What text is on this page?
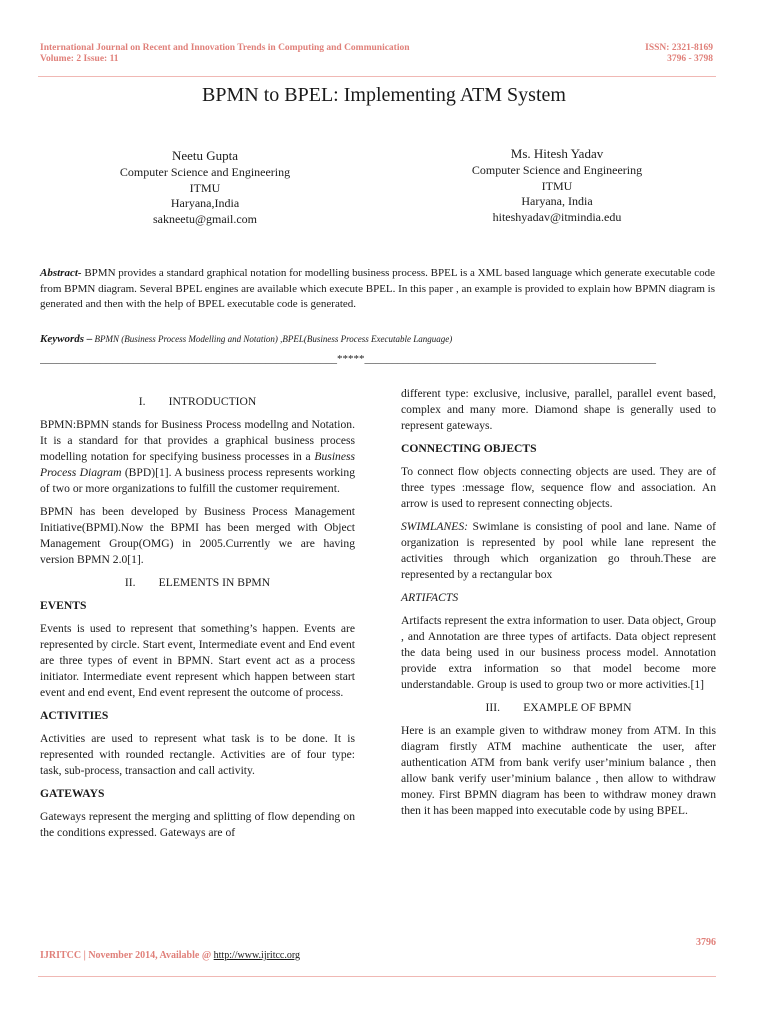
International Journal on Recent and Innovation Trends in Computing and Communication
Volume: 2 Issue: 11
ISSN: 2321-8169
3796 - 3798
BPMN to BPEL: Implementing ATM System
Neetu Gupta
Computer Science and Engineering
ITMU
Haryana,India
sakneetu@gmail.com
Ms. Hitesh Yadav
Computer Science and Engineering
ITMU
Haryana, India
hiteshyadav@itmindia.edu
Abstract- BPMN provides a standard graphical notation for modelling business process. BPEL is a XML based language which generate executable code from BPMN diagram. Several BPEL engines are available which execute BPEL. In this paper , an example is provided to explain how BPMN diagram is generated and then with the help of BPEL executable code is generated.
Keywords – BPMN (Business Process Modelling and Notation) ,BPEL(Business Process Executable Language)
______________________________________________________*****_____________________________________________________
I.        INTRODUCTION

BPMN:BPMN stands for Business Process modellng and Notation. It is a standard for that provides a graphical business process modelling notation for specifying business processes in a Business Process Diagram (BPD)[1]. A business process represents working of two or more organizations to fulfill the customer requirement.

BPMN has been developed by Business Process Management Initiative(BPMI).Now the BPMI has been merged with Object Management Group(OMG) in 2005.Currently we are having version BPMN 2.0[1].

II.        ELEMENTS IN BPMN
EVENTS

Events is used to represent that something’s happen. Events are represented by circle. Start event, Intermediate event and End event are three types of event in BPMN. Start event act as a process initiator. Intermediate event represent which happen between start event and end event, End event represent the outcome of process.

ACTIVITIES

Activities are used to represent what task is to be done. It is represented with rounded rectangle. Activities are of four type: task, sub-process, transaction and call activity.

GATEWAYS

Gateways represent the merging and splitting of flow depending on the conditions expressed. Gateways are of

different type: exclusive, inclusive, parallel, parallel event based, complex and many more. Diamond shape is generally used to represent gateways.

CONNECTING OBJECTS

To connect flow objects connecting objects are used. They are of three types :message flow, sequence flow and association. An arrow is used to represent connecting objects.

SWIMLANES: Swimlane is consisting of pool and lane. Name of organization is represented by pool while lane represent the activities through which organization go throuh.These are represented by a rectangular box

ARTIFACTS

Artifacts represent the extra information to user. Data object, Group , and Annotation are three types of artifacts. Data object represent the data being used in our business process model. Annotation provide extra information so that model become more understandable. Group is used to group two or more activities.[1]

III.        EXAMPLE OF BPMN

Here is an example given to withdraw money from ATM. In this diagram firstly ATM machine authenticate the user, after authentication ATM from bank verify user’minium balance , then allow bank verify user’minium balance , then allow to withdraw money. First BPMN diagram has been to withdraw money drawn then it has been mapped into executable code by using BPEL.

3796
IJRITCC | November 2014, Available @ http://www.ijritcc.org
